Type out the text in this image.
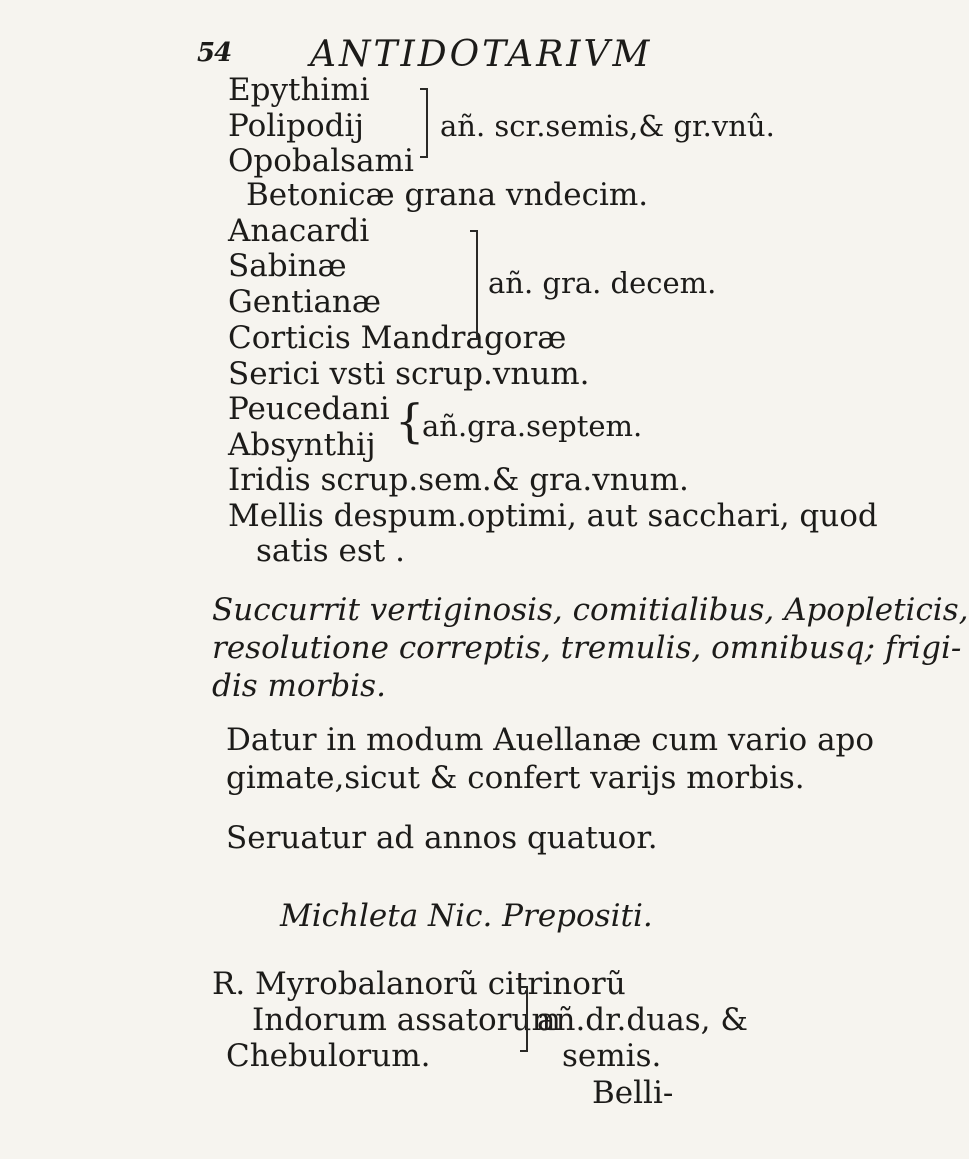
54 ANTIDOTARIVM
Epythimi
Polipodij
Opobalsami
añ. scr.semis,& gr.vnû.
Betonicæ grana vndecim.
Anacardi
Sabinæ
Gentianæ
Corticis Mandragoræ
añ. gra. decem.
Serici vsti scrup.vnum.
Peucedani
Absynthij {
añ.gra.septem.
Iridis scrup.sem.& gra.vnum.
Mellis despum.optimi, aut sacchari, quod
satis est .
Succurrit vertiginosis, comitialibus, Apopleticis,
resolutione correptis, tremulis, omnibusq; frigi-
dis morbis.
Datur in modum Auellanæ cum vario apo
gimate,sicut & confert varijs morbis.
Seruatur ad annos quatuor.
Michleta Nic. Prepositi.
R. Myrobalanorũ citrinorũ
Indorum assatorum
Chebulorum.
añ.dr.duas, &
semis.
Belli-
